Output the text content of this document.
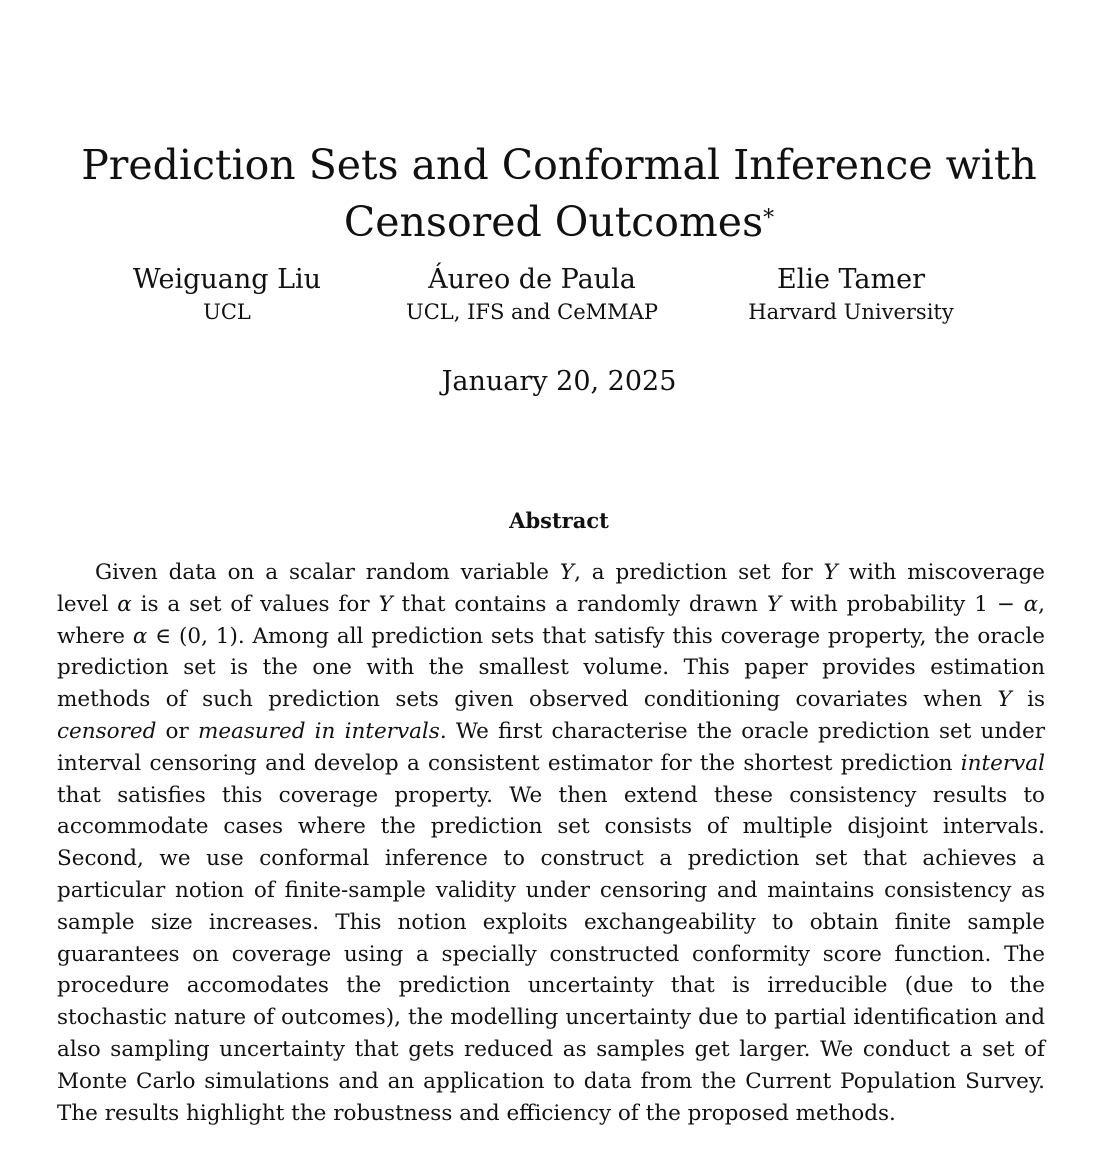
Prediction Sets and Conformal Inference with Censored Outcomes*
Weiguang Liu
UCL
Áureo de Paula
UCL, IFS and CeMMAP
Elie Tamer
Harvard University
January 20, 2025
Abstract

Given data on a scalar random variable Y, a prediction set for Y with miscoverage level α is a set of values for Y that contains a randomly drawn Y with probability 1 − α, where α ∈ (0, 1). Among all prediction sets that satisfy this coverage property, the oracle prediction set is the one with the smallest volume. This paper provides estimation methods of such prediction sets given observed conditioning covariates when Y is censored or measured in intervals. We first characterise the oracle prediction set under interval censoring and develop a consistent estimator for the shortest prediction interval that satisfies this coverage property. We then extend these consistency results to accommodate cases where the prediction set consists of multiple disjoint intervals. Second, we use conformal inference to construct a prediction set that achieves a particular notion of finite-sample validity under censoring and maintains consistency as sample size increases. This notion exploits exchangeability to obtain finite sample guarantees on coverage using a specially constructed conformity score function. The procedure accomodates the prediction uncertainty that is irreducible (due to the stochastic nature of outcomes), the modelling uncertainty due to partial identification and also sampling uncertainty that gets reduced as samples get larger. We conduct a set of Monte Carlo simulations and an application to data from the Current Population Survey. The results highlight the robustness and efficiency of the proposed methods.
